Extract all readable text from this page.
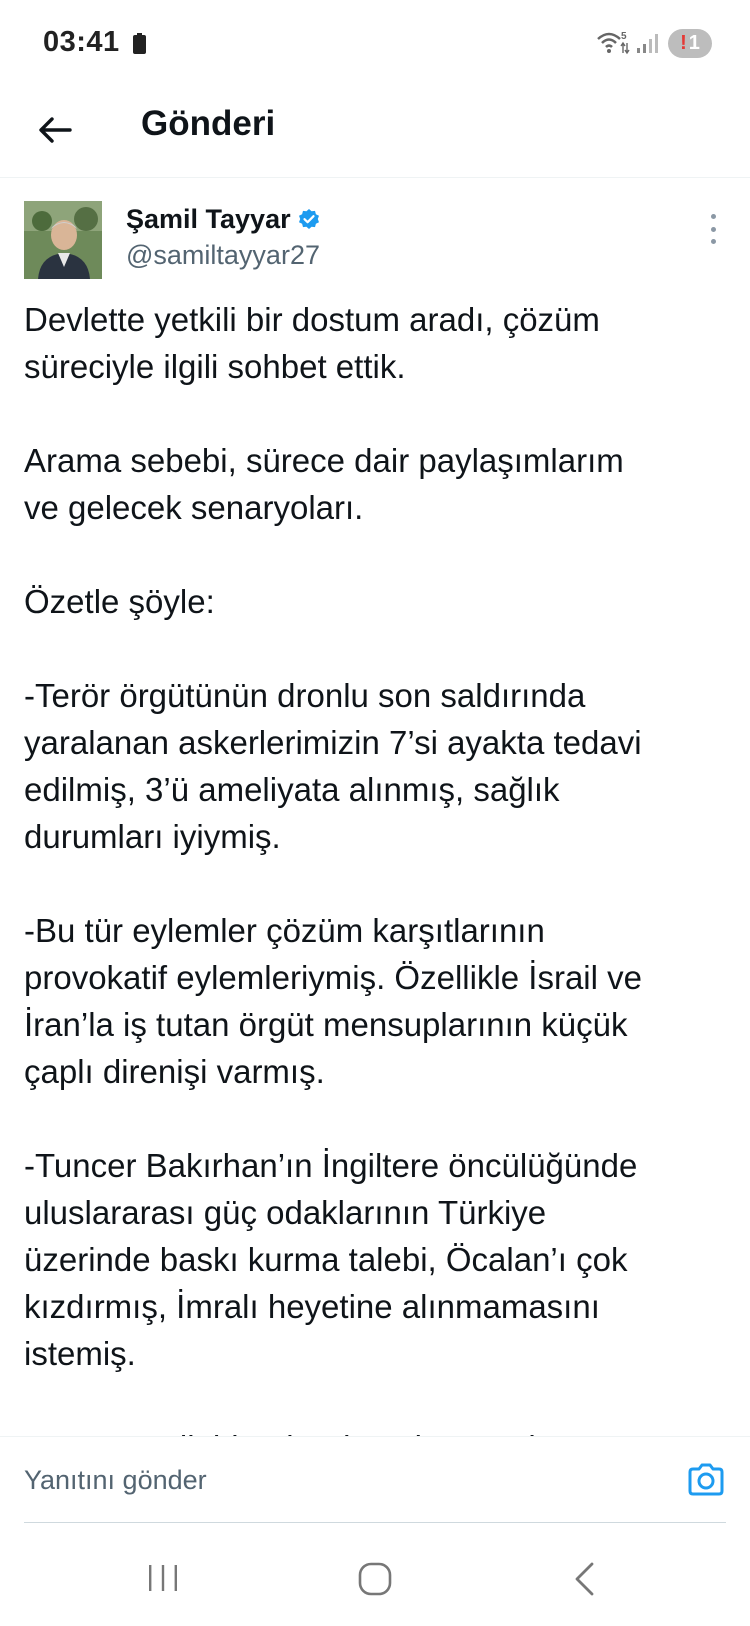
03:41	5	! 1
Gönderi
Şamil Tayyar
@samiltayyar27

Devlette yetkili bir dostum aradı, çözüm
süreciyle ilgili sohbet ettik.

Arama sebebi, sürece dair paylaşımlarım
ve gelecek senaryoları.

Özetle şöyle:

-Terör örgütünün dronlu son saldırında
yaralanan askerlerimizin 7’si ayakta tedavi
edilmiş, 3’ü ameliyata alınmış, sağlık
durumları iyiymiş.

-Bu tür eylemler çözüm karşıtlarının
provokatif eylemleriymiş. Özellikle İsrail ve
İran’la iş tutan örgüt mensuplarının küçük
çaplı direnişi varmış.

-Tuncer Bakırhan’ın İngiltere öncülüğünde
uluslararası güç odaklarının Türkiye
üzerinde baskı kurma talebi, Öcalan’ı çok
kızdırmış, İmralı heyetine alınmamasını
istemiş.

Yanıtını gönder
